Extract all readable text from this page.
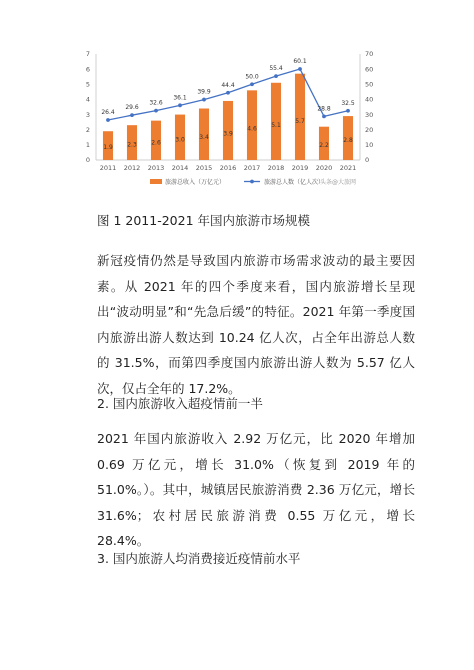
0
1
2
3
4
5
6
7
0
10
20
30
40
50
60
70
1.9 2.3 2.6 3.0 3.4 3.9
4.6 5.1
5.7
2.2
2.8
2011 2012 2013 2014 2015 2016 2017 2018 2019 2020 2021
26.4
29.6
32.6
36.1
39.9
44.4
50.0
55.4
60.1
28.8
32.5
旅游总收入（万亿元）	旅游总人数（亿人次）
头条@大旅网
图 1 2011-2021 年国内旅游市场规模
新冠疫情仍然是导致国内旅游市场需求波动的最主要因素。从 2021 年的四个季度来看，国内旅游增长呈现出“波动明显”和“先急后缓”的特征。2021 年第一季度国内旅游出游人数达到 10.24 亿人次，占全年出游总人数的 31.5%，而第四季度国内旅游出游人数为 5.57 亿人次，仅占全年的 17.2%。
2. 国内旅游收入超疫情前一半
2021 年国内旅游收入 2.92 万亿元，比 2020 年增加 0.69 万亿元，增长 31.0%（恢复到 2019 年的 51.0%。）。其中，城镇居民旅游消费 2.36 万亿元，增长 31.6%；农村居民旅游消费 0.55 万亿元，增长 28.4%。
3. 国内旅游人均消费接近疫情前水平
